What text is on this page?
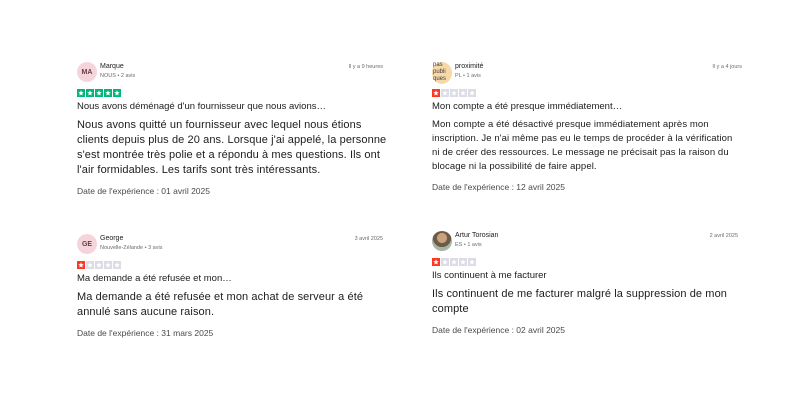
MA
Marque
NOUS • 2 avis
Il y a 9 heures
Nous avons déménagé d'un fournisseur que nous avions…
Nous avons quitté un fournisseur avec lequel nous étions clients depuis plus de 20 ans. Lorsque j'ai appelé, la personne s'est montrée très polie et a répondu à mes questions. Ils ont l'air formidables. Les tarifs sont très intéressants.
Date de l'expérience : 01 avril 2025
GE
George
Nouvelle-Zélande • 3 avis
3 avril 2025
Ma demande a été refusée et mon…
Ma demande a été refusée et mon achat de serveur a été annulé sans aucune raison.
Date de l'expérience : 31 mars 2025
pas publi ques
proximité
PL • 1 avis
Il y a 4 jours
Mon compte a été presque immédiatement…
Mon compte a été désactivé presque immédiatement après mon inscription. Je n'ai même pas eu le temps de procéder à la vérification ni de créer des ressources. Le message ne précisait pas la raison du blocage ni la possibilité de faire appel.
Date de l'expérience : 12 avril 2025
Artur Torosian
ES • 1 avis
2 avril 2025
Ils continuent à me facturer
Ils continuent de me facturer malgré la suppression de mon compte
Date de l'expérience : 02 avril 2025
